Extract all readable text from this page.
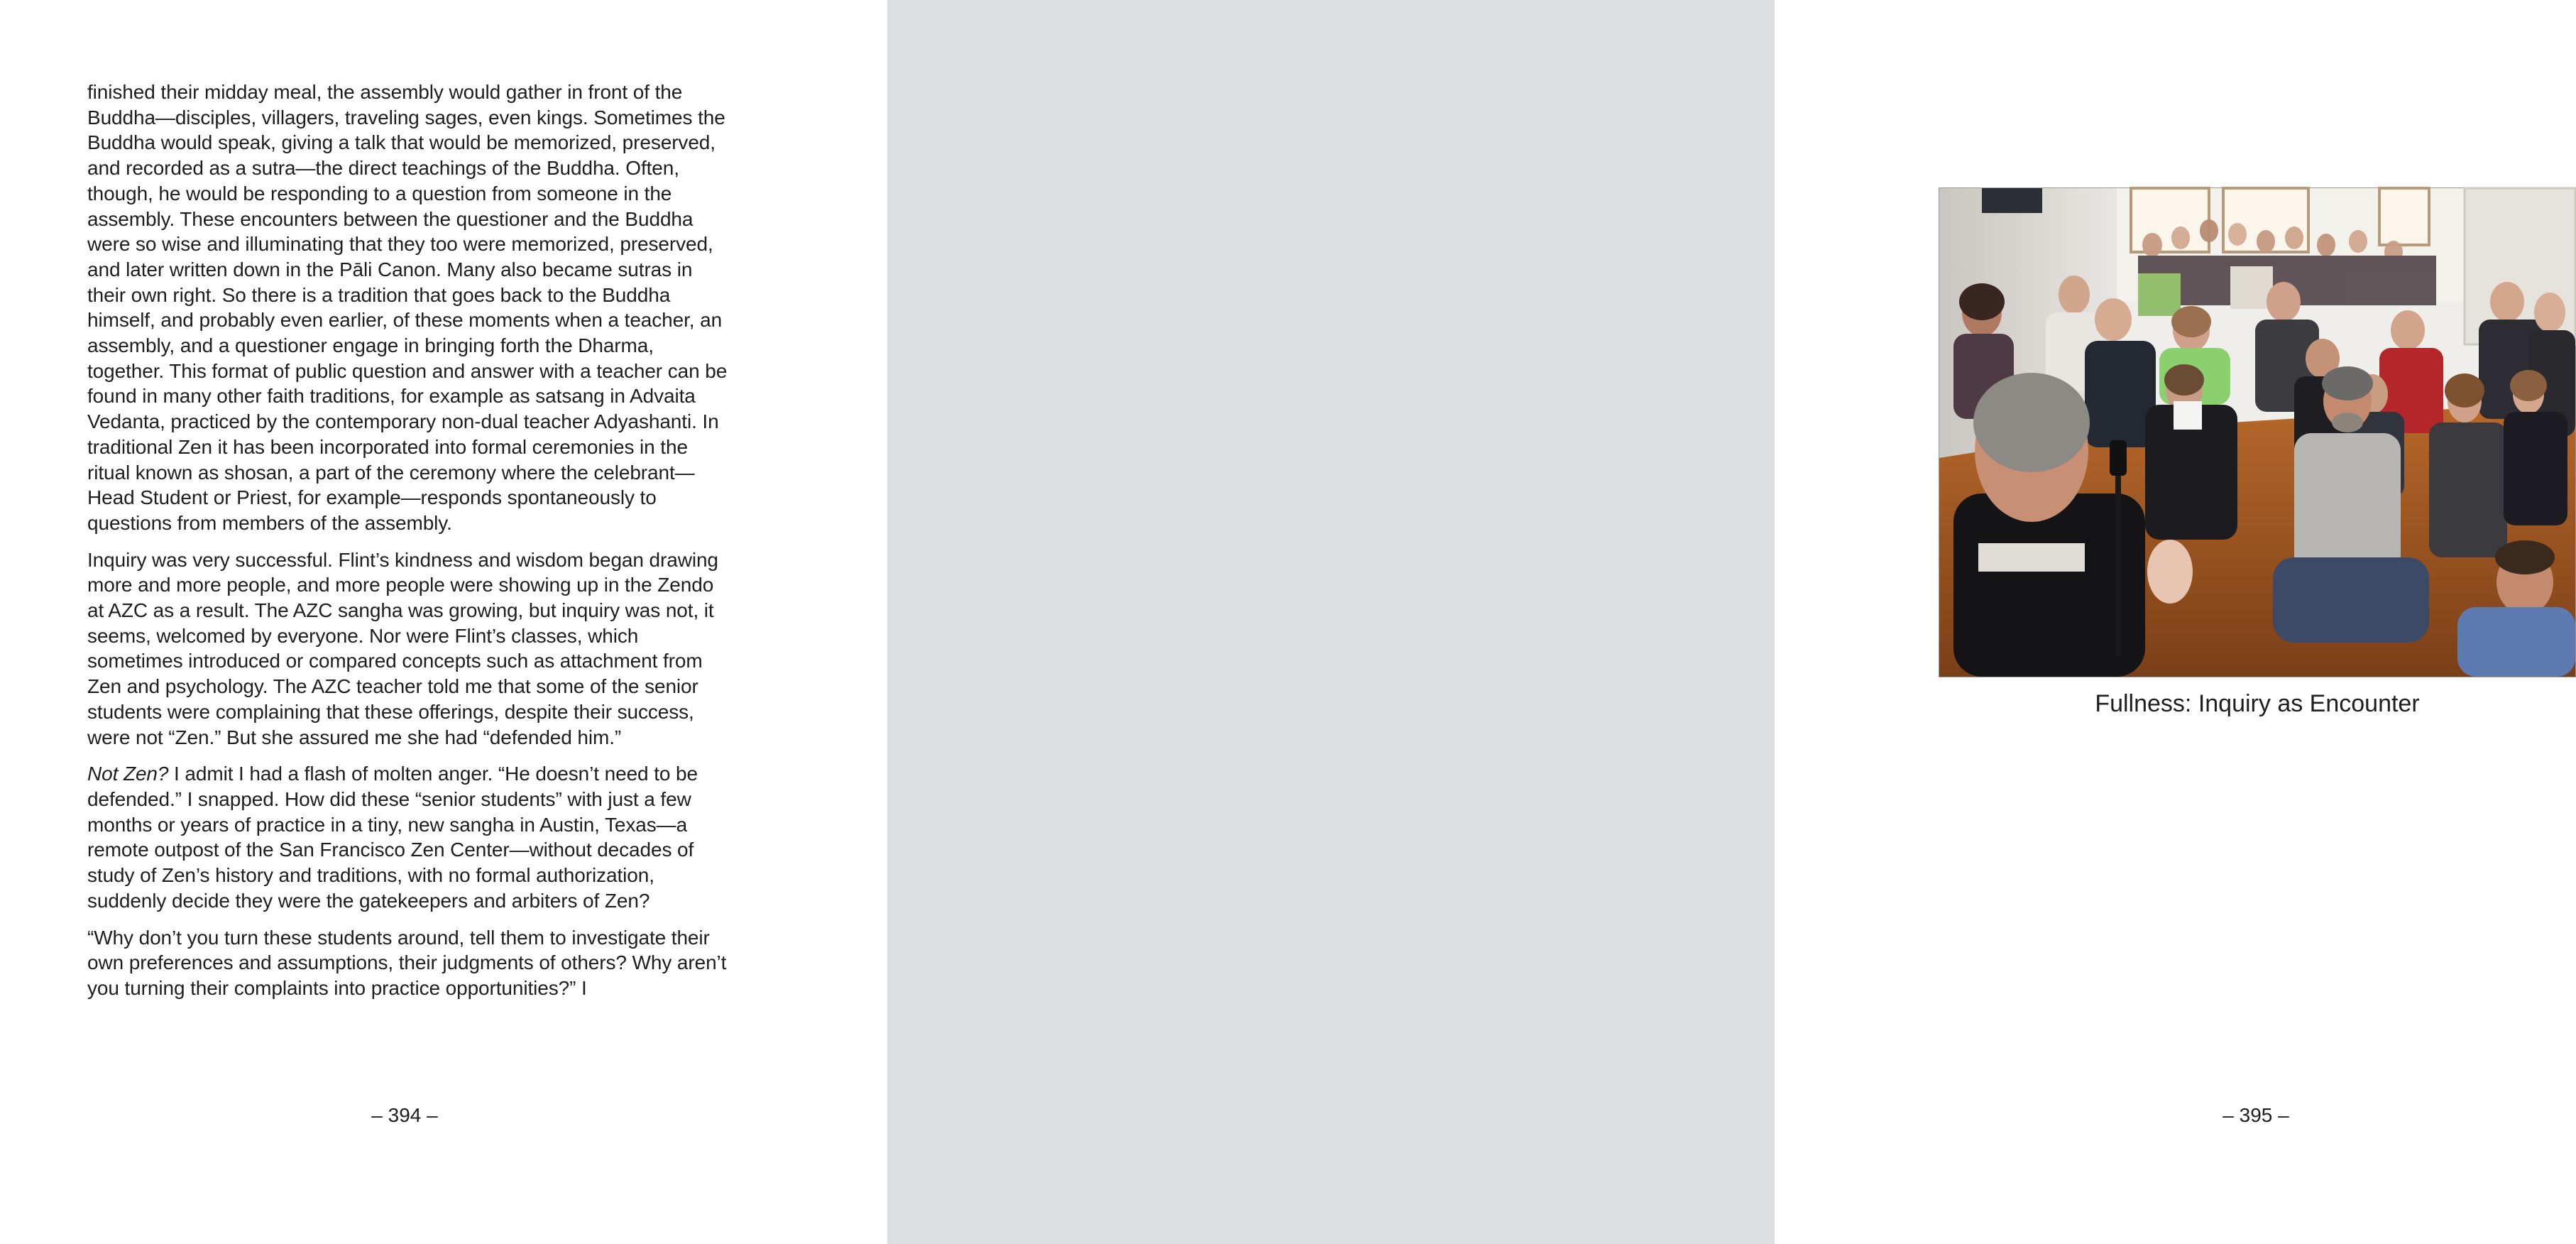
finished their midday meal, the assembly would gather in front of the Buddha—disciples, villagers, traveling sages, even kings. Sometimes the Buddha would speak, giving a talk that would be memorized, preserved, and recorded as a sutra—the direct teachings of the Buddha. Often, though, he would be responding to a question from someone in the assembly. These encounters between the questioner and the Buddha were so wise and illuminating that they too were memorized, preserved, and later written down in the Pāli Canon. Many also became sutras in their own right. So there is a tradition that goes back to the Buddha himself, and probably even earlier, of these moments when a teacher, an assembly, and a questioner engage in bringing forth the Dharma, together. This format of public question and answer with a teacher can be found in many other faith traditions, for example as satsang in Advaita Vedanta, practiced by the contemporary non-dual teacher Adyashanti. In traditional Zen it has been incorporated into formal ceremonies in the ritual known as shosan, a part of the ceremony where the celebrant—Head Student or Priest, for example—responds spontaneously to questions from members of the assembly.

Inquiry was very successful. Flint’s kindness and wisdom began drawing more and more people, and more people were showing up in the Zendo at AZC as a result. The AZC sangha was growing, but inquiry was not, it seems, welcomed by everyone. Nor were Flint’s classes, which sometimes introduced or compared concepts such as attachment from Zen and psychology. The AZC teacher told me that some of the senior students were complaining that these offerings, despite their success, were not “Zen.” But she assured me she had “defended him.”

Not Zen? I admit I had a flash of molten anger. “He doesn’t need to be defended.” I snapped. How did these “senior students” with just a few months or years of practice in a tiny, new sangha in Austin, Texas—a remote outpost of the San Francisco Zen Center—without decades of study of Zen’s history and traditions, with no formal authorization, suddenly decide they were the gatekeepers and arbiters of Zen?

“Why don’t you turn these students around, tell them to investigate their own preferences and assumptions, their judgments of others? Why aren’t you turning their complaints into practice opportunities?” I

– 394 –
Fullness: Inquiry as Encounter
– 395 –
